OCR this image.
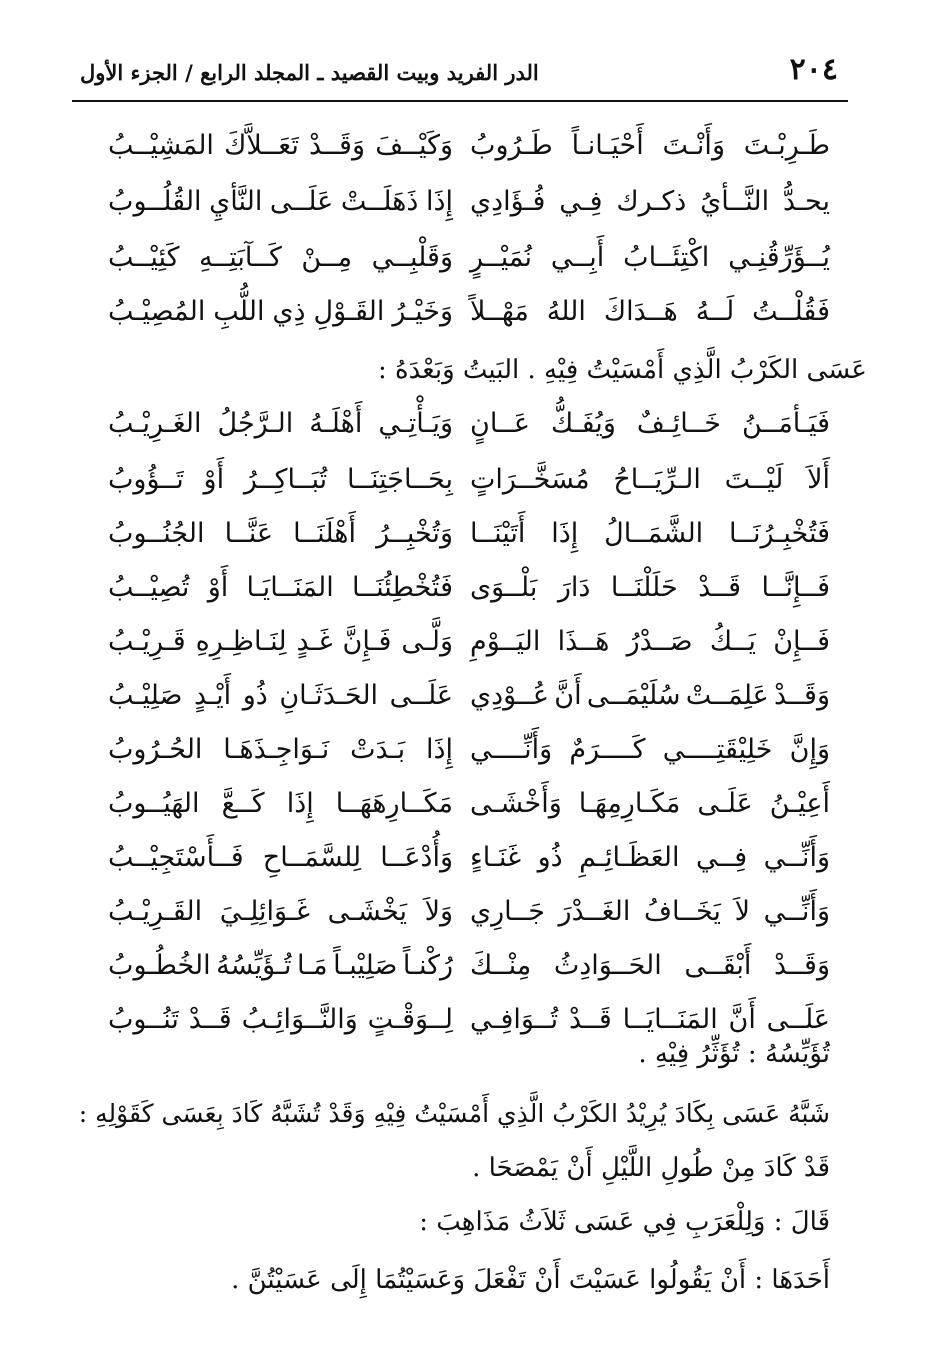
٢٠٤
الدر الفريد وبيت القصيد ـ المجلد الرابع / الجزء الأول
طَـرِبْـتَ
وَأَنْـتَ
أَحْيَـانـاً
طَـرُوبُ
وَكَيْــفَ
وَقَــدْ
تَعَــلاَّكَ
المَشِيْــبُ
يحـدُّ
النَّــأيُ
ذكـرك
فِـي
فُـؤَادِي
إِذَا
ذَهَلَــتْ
عَلَــى
النَّأيِ
القُلُــوبُ
يُــؤَرِّقُنِـي
اكْتِئَــابُ
أَبِــي
نُمَيْــرٍ
وَقَلْبِــي
مِــنْ
كَــآبَتِــهِ
كَئِيْــبُ
فَقُلْــتُ
لَــهُ
هَــدَاكَ
اللهُ
مَهْــلاً
وَخَيْـرُ
القَـوْلِ
ذِي
اللُّبِ
المُصِيْـبُ
عَسَى الكَرْبُ الَّذِي أَمْسَيْتُ فِيْهِ . البَيتُ وَبَعْدَهُ :
فَيَـأمَــنُ
خَــائِـفٌ
وَيُفَـكُّ
عَــانٍ
وَيَـأْتِـي
أَهْلَـهُ
الـرَّجُلُ
الغَـرِيْـبُ
أَلاَ
لَيْــتَ
الـرِّيَــاحُ
مُسَخَّــرَاتٍ
بِحَــاجَتِنَــا
تُبَــاكِــرُ
أَوْ
تَــؤُوبُ
فَتُخْبِـرُنَــا
الشَّمَــالُ
إِذَا
أَتَيْنَــا
وَتُخْبِــرُ
أَهْلَنَــا
عَنَّــا
الجُنُــوبُ
فَــإِنَّــا
قَــدْ
حَلَلْنَــا
دَارَ
بَلْــوَى
فَتُخْطِئُنَــا
المَنَــايَـا
أَوْ
تُصِيْــبُ
فَــإِنْ
يَــكُ
صَــدْرُ
هَــذَا
اليَــوْمِ
وَلَّـى
فَـإِنَّ
غَـدٍ
لِنَـاظِـرِهِ
قَـرِيْـبُ
وَقَــدْ
عَلِمَــتْ
سُلَيْمَــى
أَنَّ
عُــوْدِي
عَلَــى
الحَـدَثَـانِ
ذُو
أَيْـدٍ
صَلِيْـبُ
وَإِنَّ
خَلِيْقَتِــــي
كَــــرَمٌ
وَأَنِّــــي
إِذَا
بَـدَتْ
نَـوَاجِـذَهَـا
الحُـرُوبُ
أَعِيْـنُ
عَلَـى
مَكَـارِمِهَـا
وَأَخْشَـى
مَكَــارِهَهَــا
إِذَا
كَــعَّ
الهَيُــوبُ
وَأَنِّــي
فِــي
العَظَـائِـمِ
ذُو
غَنَـاءٍ
وَأُدْعَــا
لِلسَّمَــاحِ
فَــأَسْتَجِيْــبُ
وَأَنِّــي
لاَ
يَخَــافُ
الغَــدْرَ
جَــارِي
وَلاَ
يَخْشَـى
غَـوَائِلِـيَ
القَـرِيْـبُ
وَقَــدْ
أَبْقَــى
الحَــوَادِثُ
مِنْــكَ
رُكْنـاً
صَلِيْبـاً
مَـا
تُـؤَيِّسُهُ
الخُطُـوبُ
عَلَــى
أَنَّ
المَنَــايَــا
قَــدْ
تُــوَافِـي
لِــوَقْـتٍ
وَالنَّــوَائِـبُ
قَــدْ
تَنُــوبُ
تُؤَيِّسُهُ : تُؤَثِّرُ فِيْهِ .
شَبَّهُ عَسَى بِكَادَ يُرِيْدُ الكَرْبُ الَّذِي أَمْسَيْتُ فِيْهِ وَقَدْ تُشَبَّهُ كَادَ بِعَسَى كَقَوْلِهِ :
قَدْ كَادَ مِنْ طُولِ اللَّيْلِ أَنْ يَمْصَحَا .
قَالَ : وَلِلْعَرَبِ فِي عَسَى ثَلاَثُ مَذَاهِبَ :
أَحَدَهَا : أَنْ يَقُولُوا عَسَيْتَ أَنْ تَفْعَلَ وَعَسَيْتُمَا إِلَى عَسَيْتُنَّ .
